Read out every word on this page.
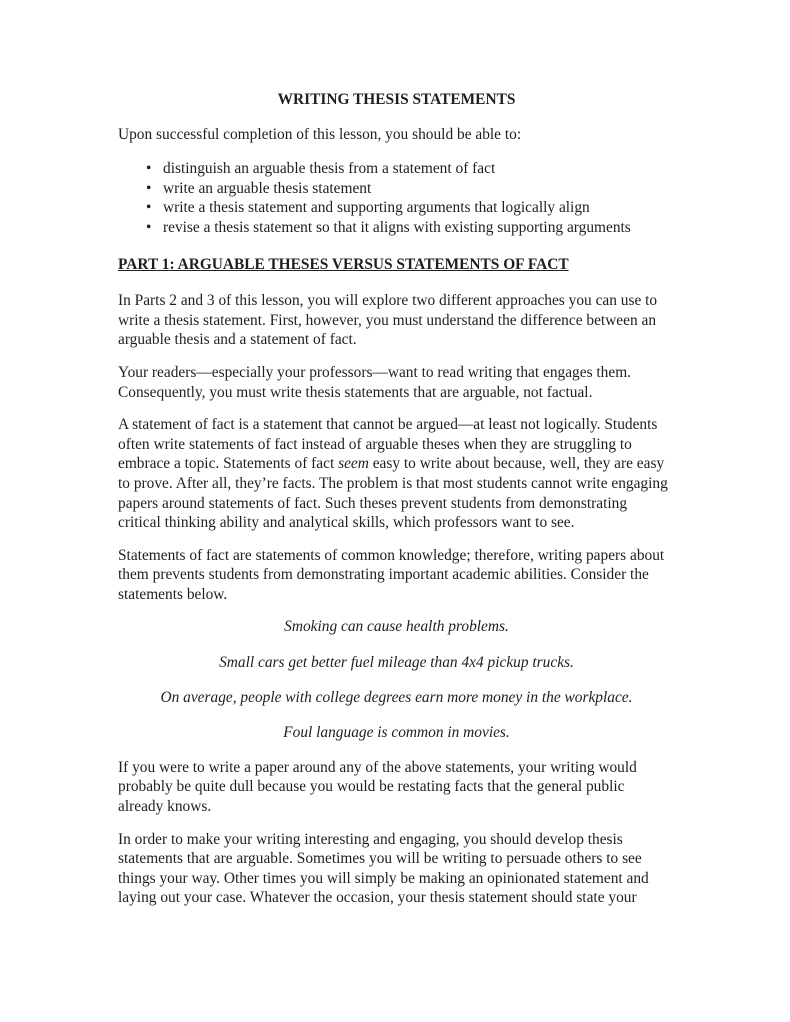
WRITING THESIS STATEMENTS
Upon successful completion of this lesson, you should be able to:
• distinguish an arguable thesis from a statement of fact
• write an arguable thesis statement
• write a thesis statement and supporting arguments that logically align
• revise a thesis statement so that it aligns with existing supporting arguments
PART 1: ARGUABLE THESES VERSUS STATEMENTS OF FACT

In Parts 2 and 3 of this lesson, you will explore two different approaches you can use to
write a thesis statement. First, however, you must understand the difference between an
arguable thesis and a statement of fact.

Your readers—especially your professors—want to read writing that engages them.
Consequently, you must write thesis statements that are arguable, not factual.

A statement of fact is a statement that cannot be argued—at least not logically. Students
often write statements of fact instead of arguable theses when they are struggling to
embrace a topic. Statements of fact seem easy to write about because, well, they are easy
to prove. After all, they’re facts. The problem is that most students cannot write engaging
papers around statements of fact. Such theses prevent students from demonstrating
critical thinking ability and analytical skills, which professors want to see.

Statements of fact are statements of common knowledge; therefore, writing papers about
them prevents students from demonstrating important academic abilities. Consider the
statements below.

Smoking can cause health problems.
Small cars get better fuel mileage than 4x4 pickup trucks.
On average, people with college degrees earn more money in the workplace.
Foul language is common in movies.

If you were to write a paper around any of the above statements, your writing would
probably be quite dull because you would be restating facts that the general public
already knows.

In order to make your writing interesting and engaging, you should develop thesis
statements that are arguable. Sometimes you will be writing to persuade others to see
things your way. Other times you will simply be making an opinionated statement and
laying out your case. Whatever the occasion, your thesis statement should state your
